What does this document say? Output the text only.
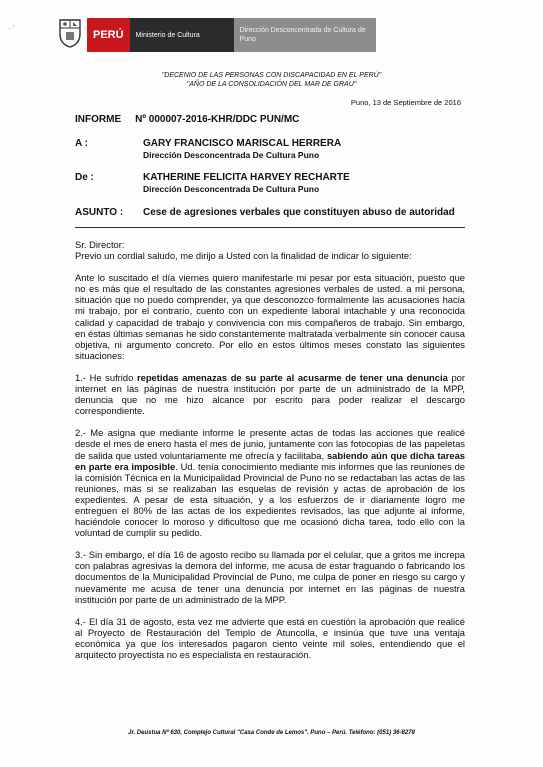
· '
PERÚ	Ministerio de Cultura
Dirección Desconcentrada de Cultura de Puno
"DECENIO DE LAS PERSONAS CON DISCAPACIDAD EN EL PERÚ"
"AÑO DE LA CONSOLIDACIÓN DEL MAR DE GRAU"
Puno, 13 de Septiembre de 2016
INFORME Nº 000007-2016-KHR/DDC PUN/MC
A :	GARY FRANCISCO MARISCAL HERRERA
Dirección Desconcentrada De Cultura Puno
De :	KATHERINE FELICITA HARVEY RECHARTE
Dirección Desconcentrada De Cultura Puno
ASUNTO :	Cese de agresiones verbales que constituyen abuso de autoridad

Sr. Director:

Previo un cordial saludo, me dirijo a Usted con la finalidad de indicar lo siguiente:

Ante lo suscitado el día viernes quiero manifestarle mi pesar por esta situación, puesto que no es más que el resultado de las constantes agresiones verbales de usted. a mi persona, situación que no puedo comprender, ya que desconozco formalmente las acusaciones hacia mi trabajo, por el contrario, cuento con un expediente laboral intachable y una reconocida calidad y capacidad de trabajo y convivencia con mis compañeros de trabajo. Sin embargo, en éstas últimas semanas he sido constantemente maltratada verbalmente sin conocer causa objetiva, ni argumento concreto. Por ello en estos últimos meses constato las siguientes situaciones:

1.- He sufrido repetidas amenazas de su parte al acusarme de tener una denuncia por internet en las páginas de nuestra institución por parte de un administrado de la MPP, denuncia que no me hizo alcance por escrito para poder realizar el descargo correspondiente.

2.- Me asigna que mediante informe le presente actas de todas las acciones que realicé desde el mes de enero hasta el mes de junio, juntamente con las fotocopias de las papeletas de salida que usted voluntariamente me ofrecía y facilitaba, sabiendo aún que dicha tareas en parte era imposible. Ud. tenía conocimiento mediante mis informes que las reuniones de la comisión Técnica en la Municipalidad Provincial de Puno no se redactaban las actas de las reuniones, más si se realizaban las esquelas de revisión y actas de aprobación de los expedientes. A pesar de esta situación, y a los esfuerzos de ir diariamente logro me entreguen el 80% de las actas de los expedientes revisados, las que adjunte al informe, haciéndole conocer lo moroso y dificultoso que me ocasionó dicha tarea, todo ello con la voluntad de cumplir su pedido.

3.- Sin embargo, el día 16 de agosto recibo su llamada por el celular, que a gritos me increpa con palabras agresivas la demora del informe, me acusa de estar fraguando o fabricando los documentos de la Municipalidad Provincial de Puno, me culpa de poner en riesgo su cargo y nuevamente me acusa de tener una denuncia por internet en las páginas de nuestra institución por parte de un administrado de la MPP.

4.- El día 31 de agosto, esta vez me advierte que está en cuestión la aprobación que realicé al Proyecto de Restauración del Templo de Atuncolla, e insinúa que tuve una ventaja económica ya que los interesados pagaron ciento veinte mil soles, entendiendo que el arquitecto proyectista no es especialista en restauración.

Jr. Deustua Nº 630, Complejo Cultural "Casa Conde de Lemos". Puno – Perú. Teléfono: (051) 36-8278
